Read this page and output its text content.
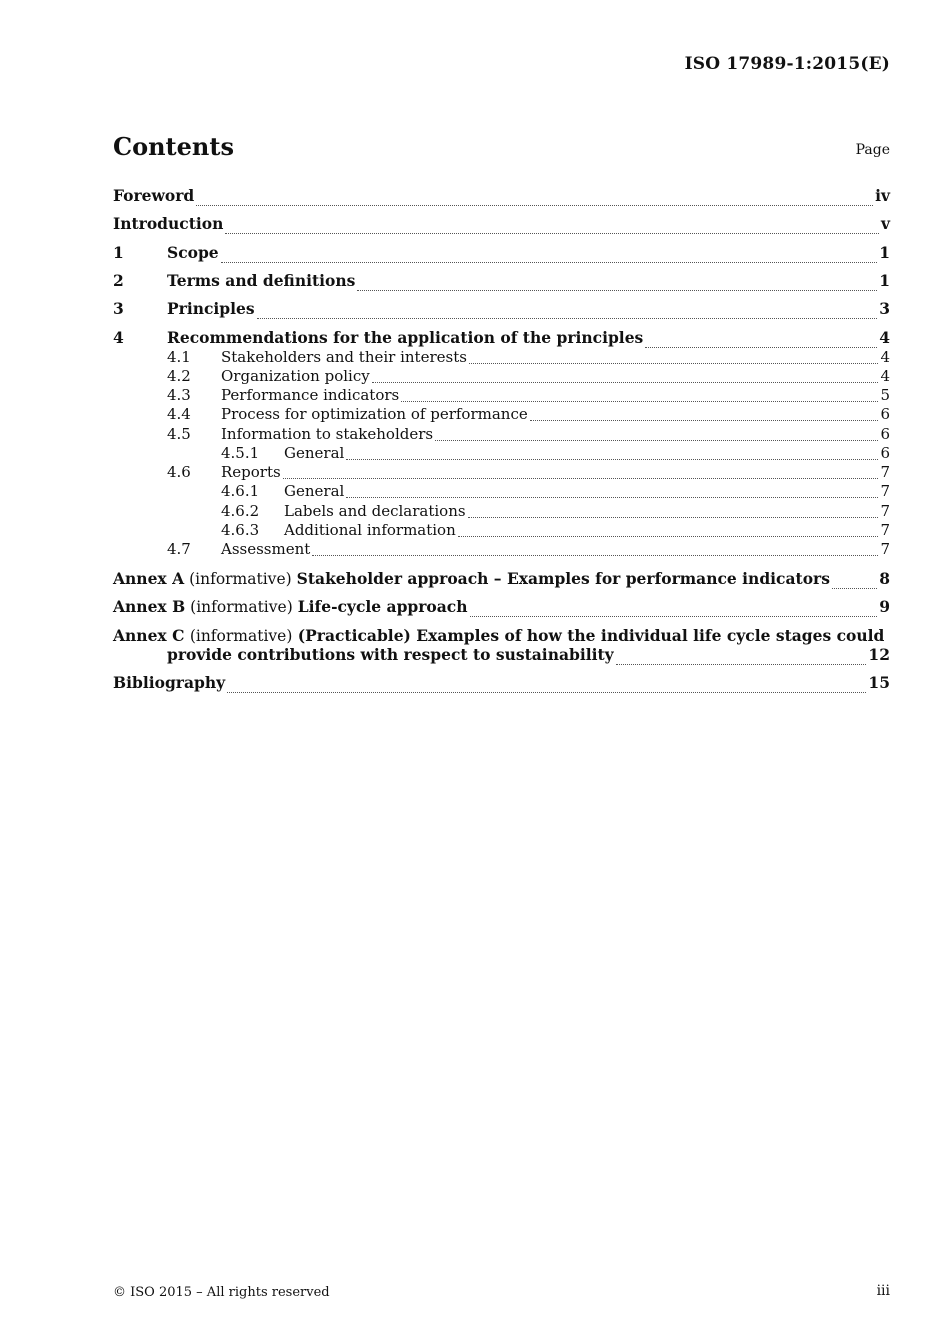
ISO 17989-1:2015(E)
Contents	Page
Foreword	iv
Introduction	v
1	Scope	1
2	Terms and definitions	1
3	Principles	3
4	Recommendations for the application of the principles	4
4.1	Stakeholders and their interests	4
4.2	Organization policy	4
4.3	Performance indicators	5
4.4	Process for optimization of performance	6
4.5	Information to stakeholders	6
4.5.1	General	6
4.6	Reports	7
4.6.1	General	7
4.6.2	Labels and declarations	7
4.6.3	Additional information	7
4.7	Assessment	7
Annex A (informative) Stakeholder approach – Examples for performance indicators	8
Annex B (informative) Life-cycle approach	9
Annex C (informative) (Practicable) Examples of how the individual life cycle stages could
provide contributions with respect to sustainability	12
Bibliography	15
© ISO 2015 – All rights reserved	iii
